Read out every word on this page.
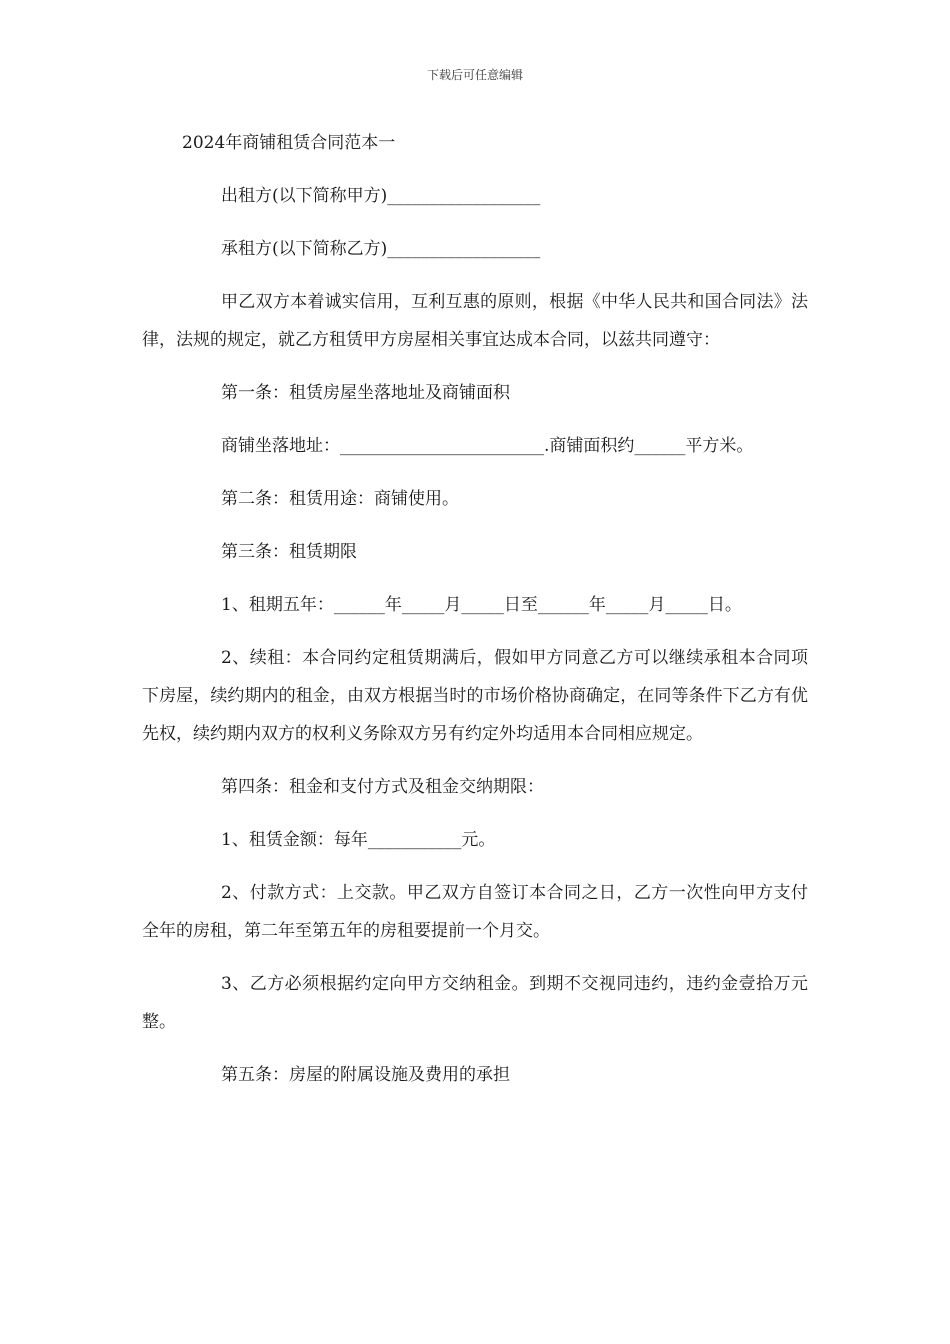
下载后可任意编辑

2024年商铺租赁合同范本一

出租方(以下简称甲方)__________________

承租方(以下简称乙方)__________________

甲乙双方本着诚实信用，互利互惠的原则，根据《中华人民共和国合同法》法律，法规的规定，就乙方租赁甲方房屋相关事宜达成本合同，以兹共同遵守：

第一条：租赁房屋坐落地址及商铺面积

商铺坐落地址：________________________.商铺面积约______平方米。

第二条：租赁用途：商铺使用。

第三条：租赁期限

1、租期五年：______年_____月_____日至______年_____月_____日。

2、续租：本合同约定租赁期满后，假如甲方同意乙方可以继续承租本合同项下房屋，续约期内的租金，由双方根据当时的市场价格协商确定，在同等条件下乙方有优先权，续约期内双方的权利义务除双方另有约定外均适用本合同相应规定。

第四条：租金和支付方式及租金交纳期限：

1、租赁金额：每年___________元。

2、付款方式：上交款。甲乙双方自签订本合同之日，乙方一次性向甲方支付全年的房租，第二年至第五年的房租要提前一个月交。

3、乙方必须根据约定向甲方交纳租金。到期不交视同违约，违约金壹拾万元整。

第五条：房屋的附属设施及费用的承担
